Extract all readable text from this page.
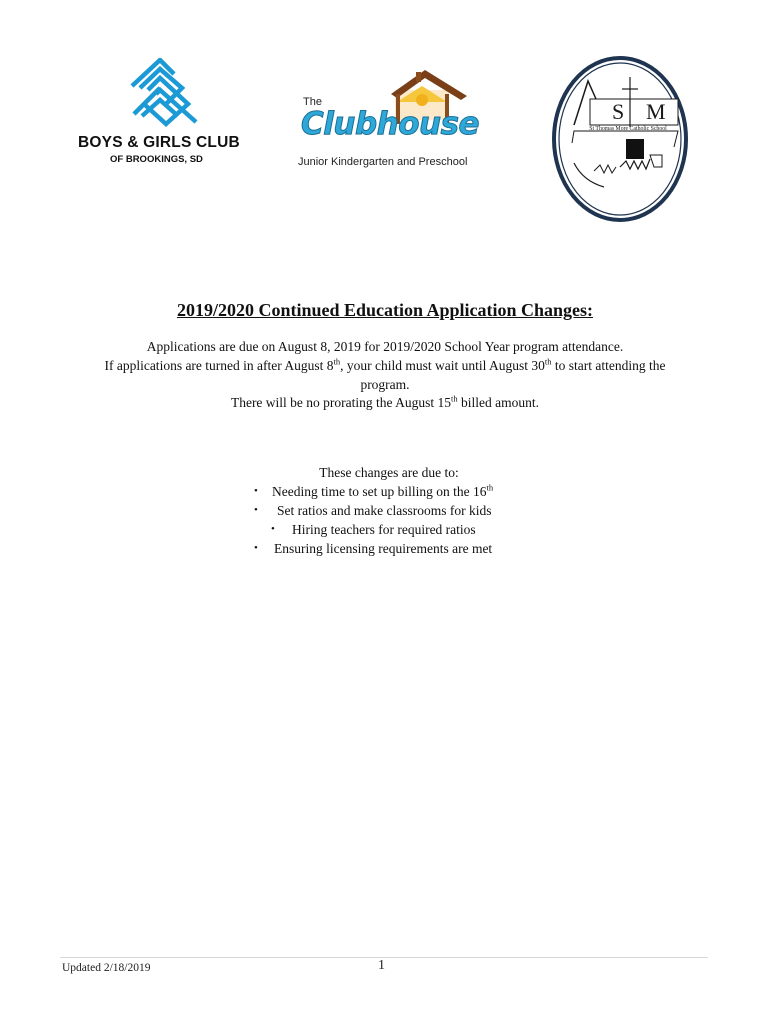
BOYS & GIRLS CLUB
OF BROOKINGS, SD
The
Clubhouse
Junior Kindergarten and Preschool
S M
St Thomas More Catholic School
2019/2020 Continued Education Application Changes:
Applications are due on August 8, 2019 for 2019/2020 School Year program attendance.
If applications are turned in after August 8th, your child must wait until August 30th to start attending the
program.
There will be no prorating the August 15th billed amount.
These changes are due to:
• Needing time to set up billing on the 16th
• Set ratios and make classrooms for kids
• Hiring teachers for required ratios
• Ensuring licensing requirements are met
Updated 2/18/2019	1
